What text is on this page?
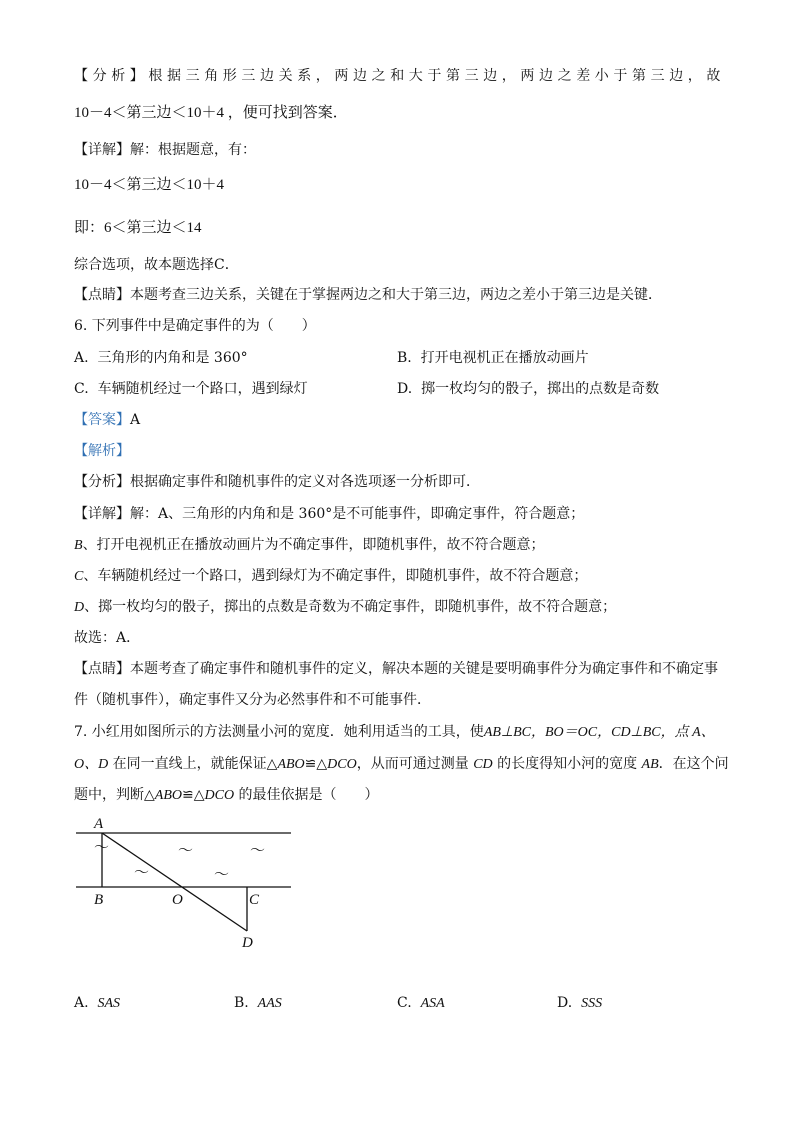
【分析】根据三角形三边关系，两边之和大于第三边，两边之差小于第三边，故
10－4＜第三边＜10＋4 ，便可找到答案．
【详解】解：根据题意，有：
10－4＜第三边＜10＋4
即：6＜第三边＜14
综合选项，故本题选择C．
【点睛】本题考查三边关系，关键在于掌握两边之和大于第三边，两边之差小于第三边是关键．
6. 下列事件中是确定事件的为（　　）
A. 三角形的内角和是 360°	B. 打开电视机正在播放动画片
C. 车辆随机经过一个路口，遇到绿灯	D. 掷一枚均匀的骰子，掷出的点数是奇数
【答案】A
【解析】
【分析】根据确定事件和随机事件的定义对各选项逐一分析即可．
【详解】解：A、三角形的内角和是 360°是不可能事件，即确定事件，符合题意；
B、打开电视机正在播放动画片为不确定事件，即随机事件，故不符合题意；
C、车辆随机经过一个路口，遇到绿灯为不确定事件，即随机事件，故不符合题意；
D、掷一枚均匀的骰子，掷出的点数是奇数为不确定事件，即随机事件，故不符合题意；
故选：A．
【点睛】本题考查了确定事件和随机事件的定义，解决本题的关键是要明确事件分为确定事件和不确定事
件（随机事件），确定事件又分为必然事件和不可能事件．
7. 小红用如图所示的方法测量小河的宽度．她利用适当的工具，使AB⊥BC，BO＝OC，CD⊥BC，点 A、
O、D 在同一直线上，就能保证△ABO≌△DCO，从而可通过测量 CD 的长度得知小河的宽度 AB．在这个问
题中，判断△ABO≌△DCO 的最佳依据是（　　）
A
B	O	C
D
～	～	～
～	～
A. SAS	B. AAS	C. ASA	D. SSS
